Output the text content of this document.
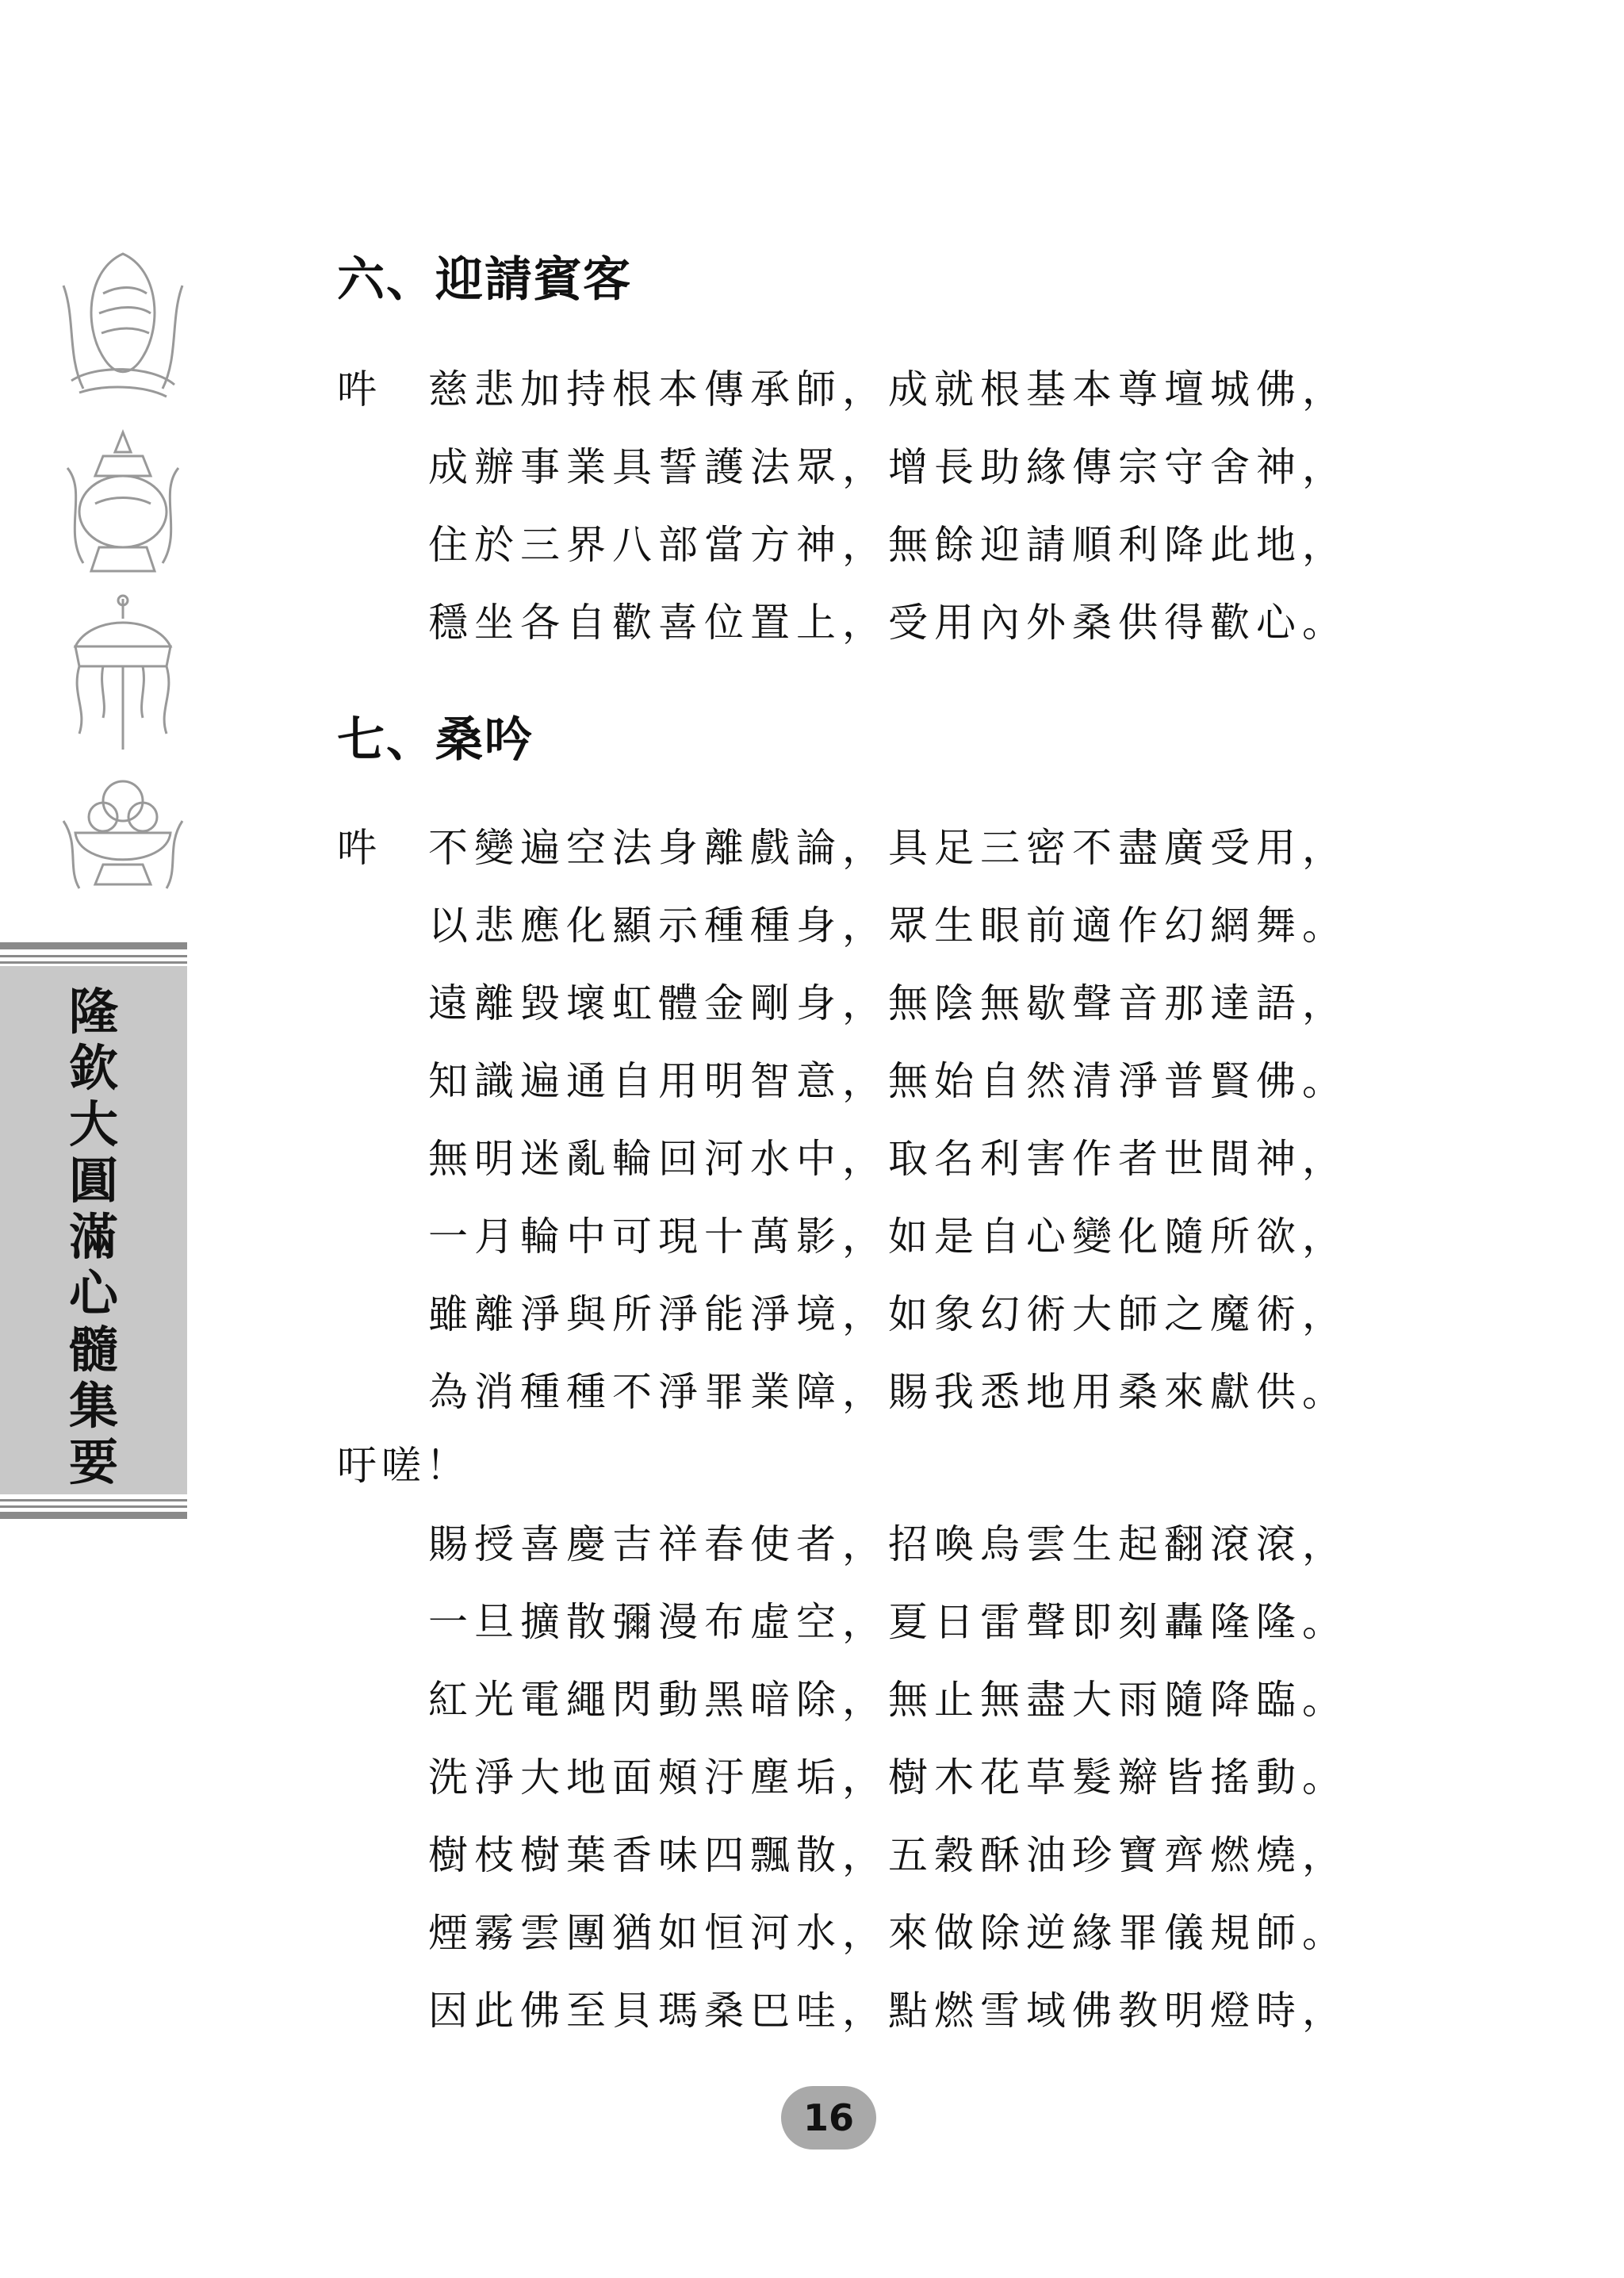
隆
欽
大
圓
滿
心
髓
集
要
六、迎請賓客
吽 慈悲加持根本傳承師，成就根基本尊壇城佛，
成辦事業具誓護法眾，增長助緣傳宗守舍神，
住於三界八部當方神，無餘迎請順利降此地，
穩坐各自歡喜位置上，受用內外桑供得歡心。
七、桑吟
吽 不變遍空法身離戲論，具足三密不盡廣受用，
以悲應化顯示種種身，眾生眼前適作幻網舞。
遠離毀壞虹體金剛身，無陰無歇聲音那達語，
知識遍通自用明智意，無始自然清淨普賢佛。
無明迷亂輪回河水中，取名利害作者世間神，
一月輪中可現十萬影，如是自心變化隨所欲，
雖離淨與所淨能淨境，如象幻術大師之魔術，
為消種種不淨罪業障，賜我悉地用桑來獻供。
吁嗟！
賜授喜慶吉祥春使者，招喚烏雲生起翻滾滾，
一旦擴散彌漫布虛空，夏日雷聲即刻轟隆隆。
紅光電繩閃動黑暗除，無止無盡大雨隨降臨。
洗淨大地面頰汙塵垢，樹木花草髮辮皆搖動。
樹枝樹葉香味四飄散，五穀酥油珍寶齊燃燒，
煙霧雲團猶如恒河水，來做除逆緣罪儀規師。
因此佛至貝瑪桑巴哇，點燃雪域佛教明燈時，
16
